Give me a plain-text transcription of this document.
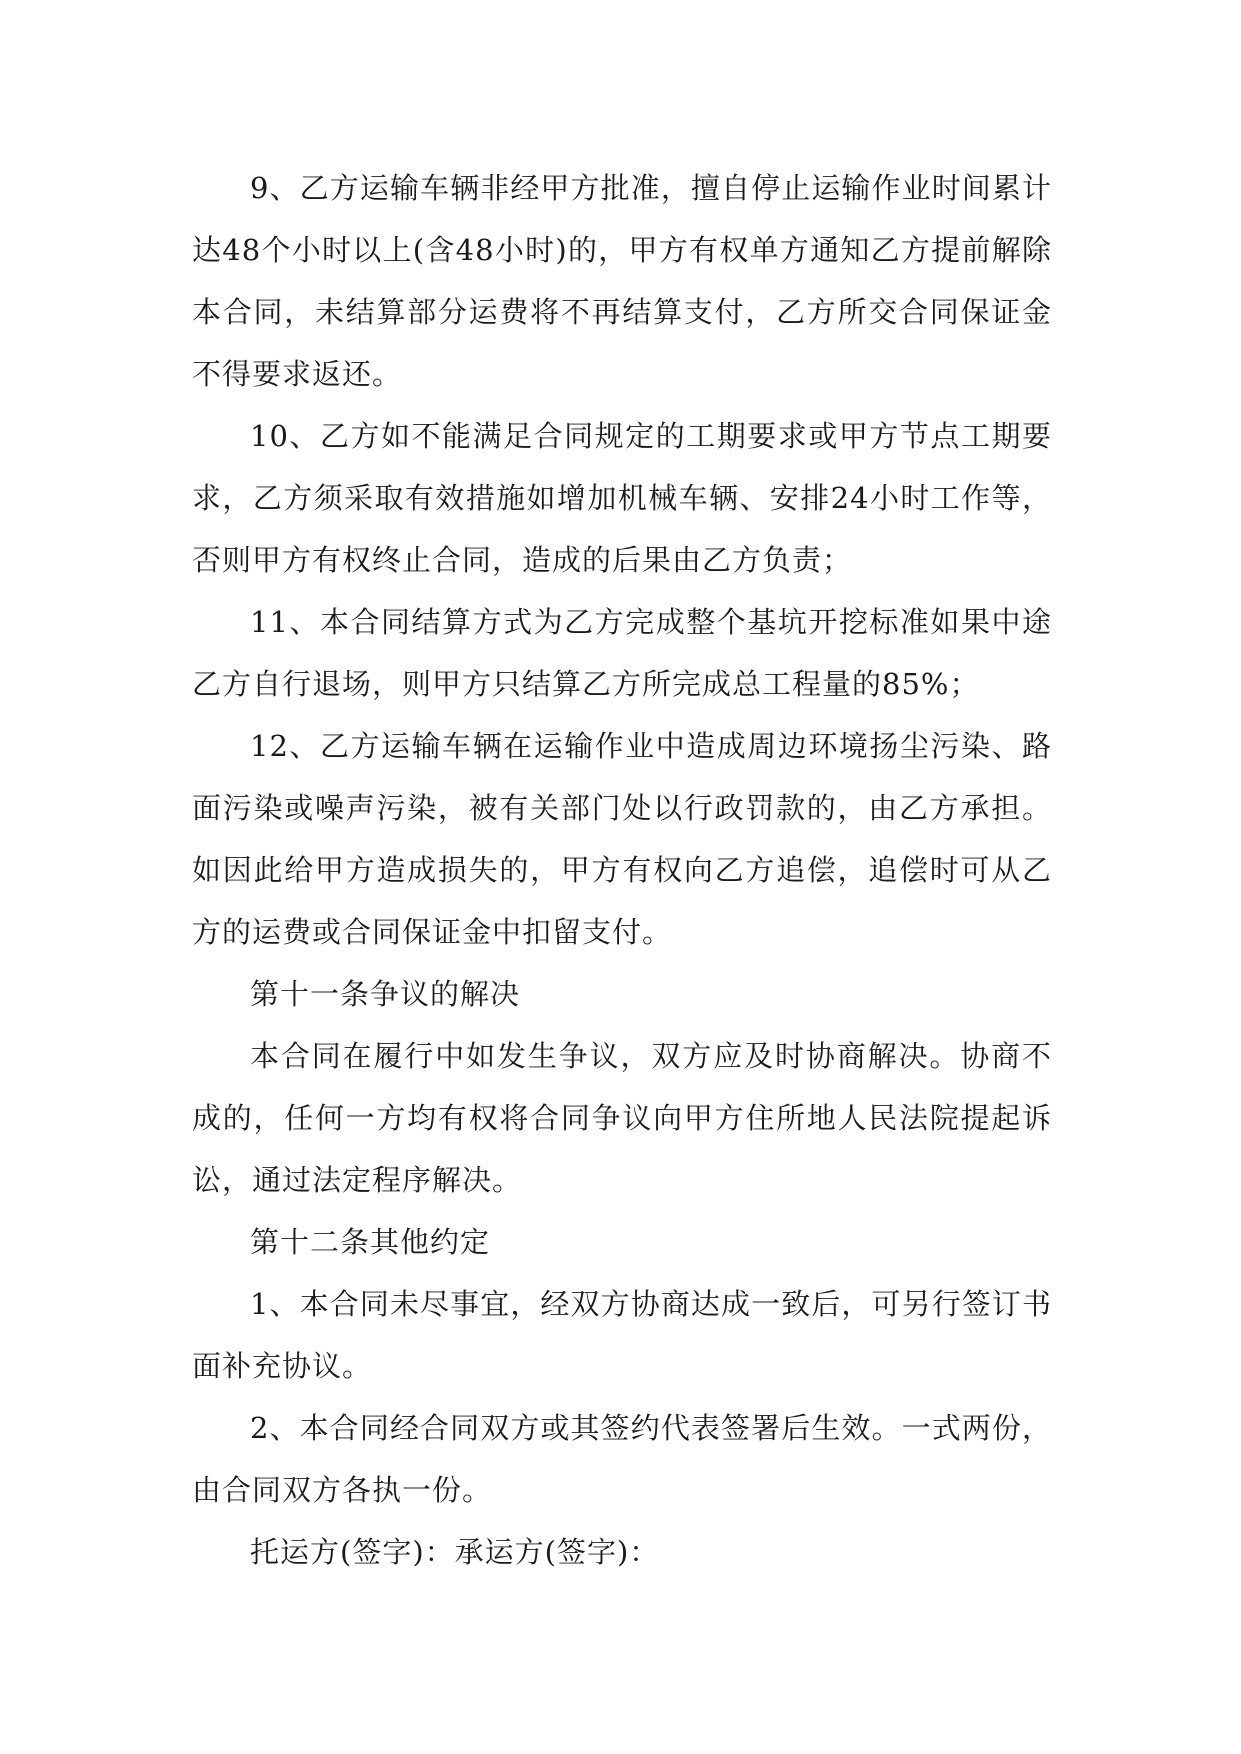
9、乙方运输车辆非经甲方批准，擅自停止运输作业时间累计达48个小时以上(含48小时)的，甲方有权单方通知乙方提前解除本合同，未结算部分运费将不再结算支付，乙方所交合同保证金不得要求返还。

10、乙方如不能满足合同规定的工期要求或甲方节点工期要求，乙方须采取有效措施如增加机械车辆、安排24小时工作等，否则甲方有权终止合同，造成的后果由乙方负责；

11、本合同结算方式为乙方完成整个基坑开挖标准如果中途乙方自行退场，则甲方只结算乙方所完成总工程量的85%；

12、乙方运输车辆在运输作业中造成周边环境扬尘污染、路面污染或噪声污染，被有关部门处以行政罚款的，由乙方承担。如因此给甲方造成损失的，甲方有权向乙方追偿，追偿时可从乙方的运费或合同保证金中扣留支付。

第十一条争议的解决

本合同在履行中如发生争议，双方应及时协商解决。协商不成的，任何一方均有权将合同争议向甲方住所地人民法院提起诉讼，通过法定程序解决。

第十二条其他约定

1、本合同未尽事宜，经双方协商达成一致后，可另行签订书面补充协议。

2、本合同经合同双方或其签约代表签署后生效。一式两份，由合同双方各执一份。

托运方(签字)：承运方(签字)：
